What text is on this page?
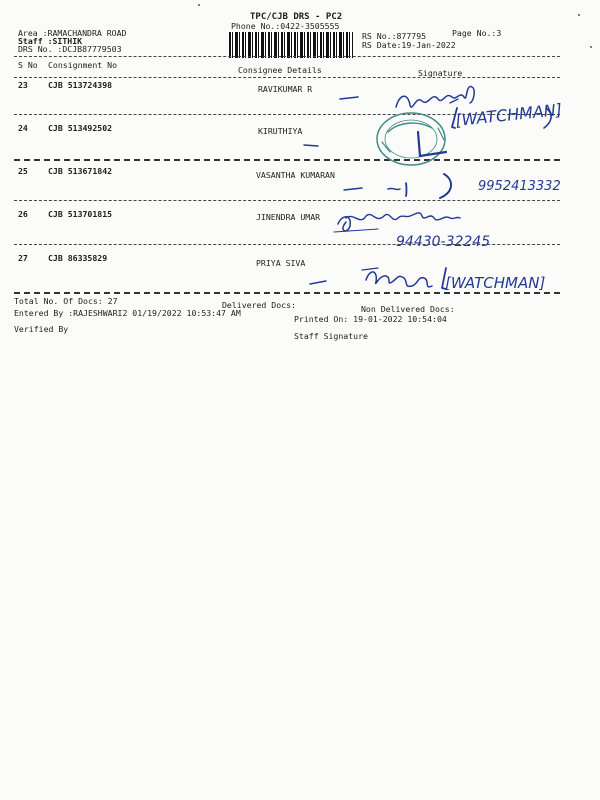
TPC/CJB DRS - PC2
Phone No.:0422-3505555
Area :RAMACHANDRA ROAD
Staff :SITHIK
DRS No. :DCJB87779503
Page No.:3
RS No.:877795
RS Date:19-Jan-2022
S No Consignment No	Consignee Details	Signature
23 CJB 513724398	RAVIKUMAR R
24 CJB 513492502	KIRUTHIYA
25 CJB 513671842	VASANTHA KUMARAN
26 CJB 513701815	JINENDRA UMAR
27 CJB 86335829	PRIYA SIVA
Total No. Of Docs: 27	Delivered Docs:	Non Delivered Docs:
Entered By :RAJESHWARI2 01/19/2022 10:53:47 AM
Printed On: 19-01-2022 10:54:04
Verified By
Staff Signature
[WATCHMAN]
9952413332
94430-32245
[WATCHMAN]
